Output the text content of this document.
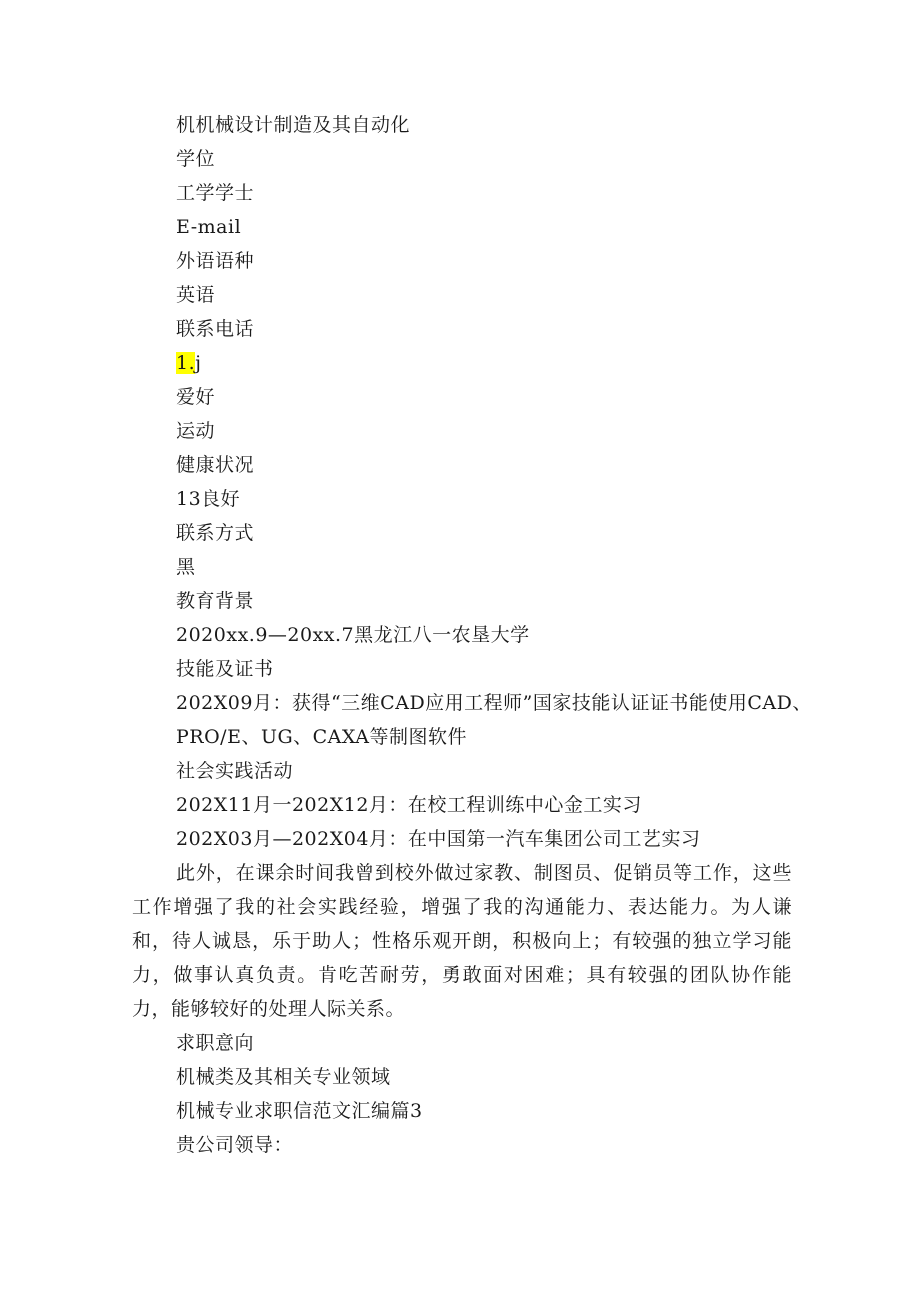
机机械设计制造及其自动化
学位
工学学士
E-mail
外语语种
英语
联系电话
1.j
爱好
运动
健康状况
13良好
联系方式
黑
教育背景
2020xx.9—20xx.7黑龙江八一农垦大学
技能及证书
202X09月：获得“三维CAD应用工程师”国家技能认证证书能使用CAD、
PRO/E、UG、CAXA等制图软件
社会实践活动
202X11月一202X12月：在校工程训练中心金工实习
202X03月—202X04月：在中国第一汽车集团公司工艺实习

此外，在课余时间我曾到校外做过家教、制图员、促销员等工作，这些工作增强了我的社会实践经验，增强了我的沟通能力、表达能力。为人谦和，待人诚恳，乐于助人；性格乐观开朗，积极向上；有较强的独立学习能力，做事认真负责。肯吃苦耐劳，勇敢面对困难；具有较强的团队协作能力，能够较好的处理人际关系。

求职意向
机械类及其相关专业领域
机械专业求职信范文汇编篇3
贵公司领导：
